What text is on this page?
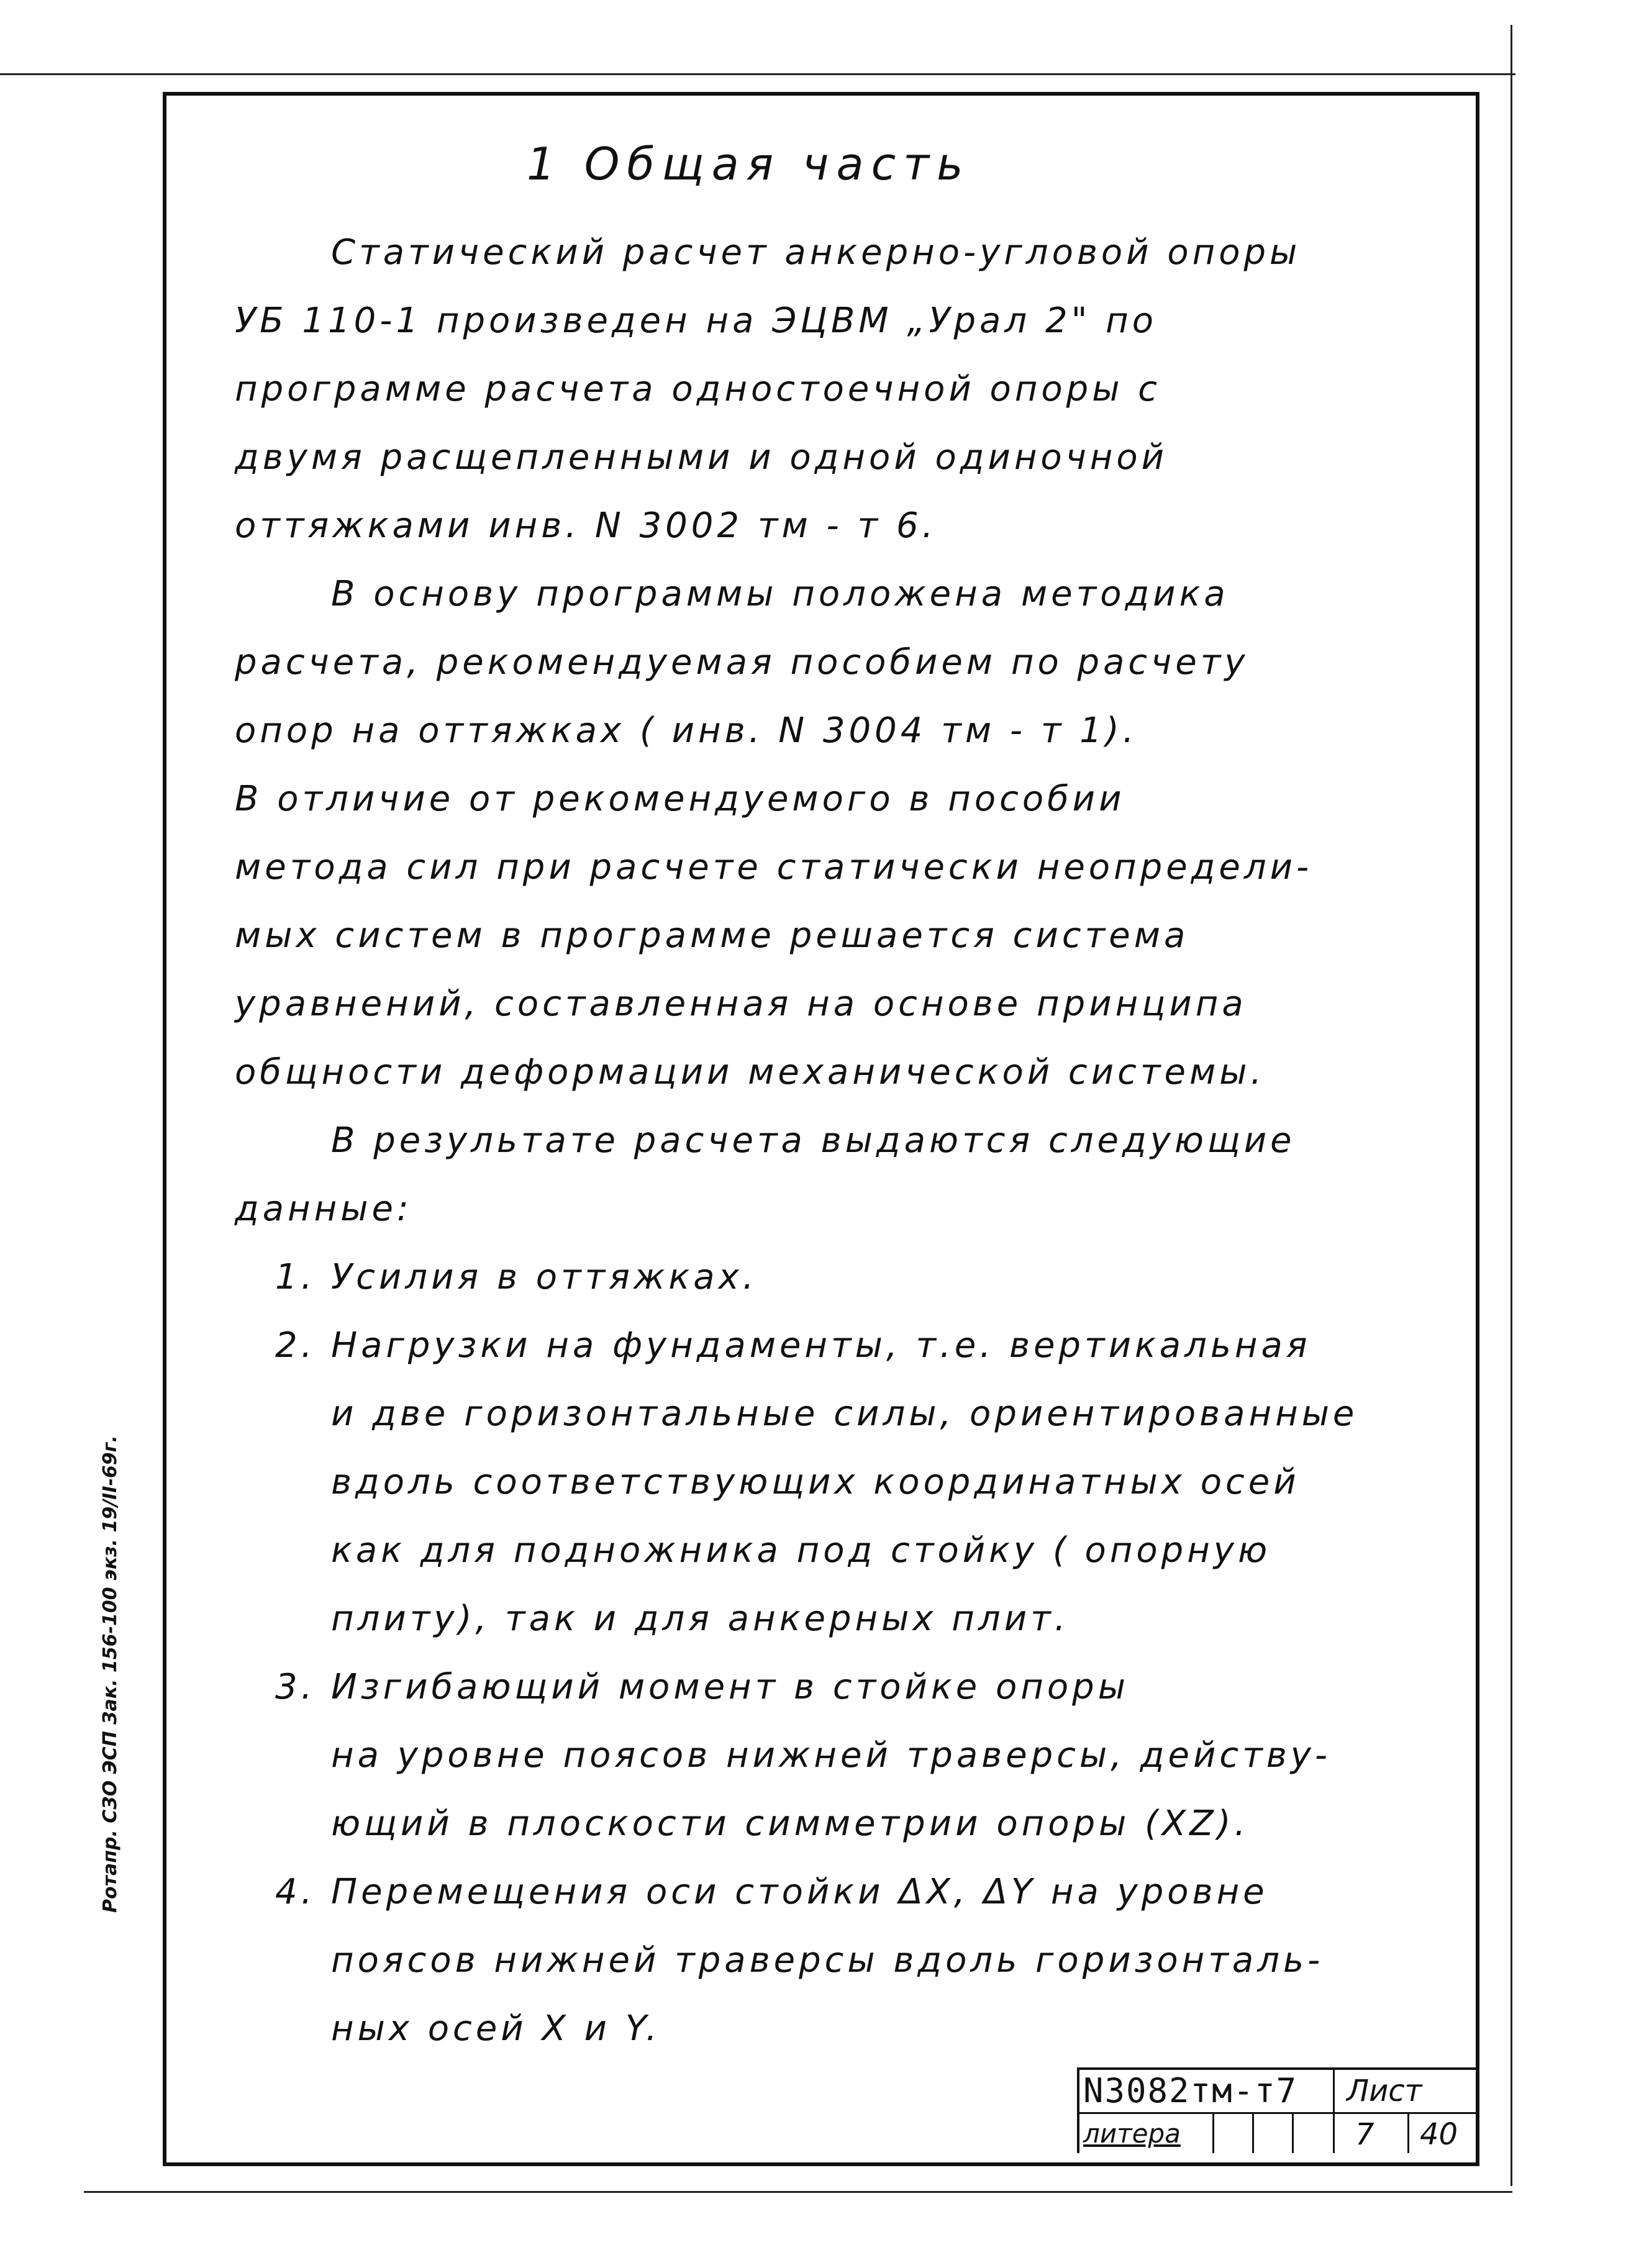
Ротапр. СЗО ЭСП Зак. 156-100 экз. 19/II-69г.
1 Общая часть
Статический расчет анкерно-угловой опоры
УБ 110-1 произведен на ЭЦВМ „Урал 2" по
программе расчета одностоечной опоры с
двумя расщепленными и одной одиночной
оттяжками инв. N 3002 тм - т 6.
В основу программы положена методика
расчета, рекомендуемая пособием по расчету
опор на оттяжках ( инв. N 3004 тм - т 1).
В отличие от рекомендуемого в пособии
метода сил при расчете статически неопредели-
мых систем в программе решается система
уравнений, составленная на основе принципа
общности деформации механической системы.
В результате расчета выдаются следующие
данные:
1. Усилия в оттяжках.
2. Нагрузки на фундаменты, т.е. вертикальная
и две горизонтальные силы, ориентированные
вдоль соответствующих координатных осей
как для подножника под стойку ( опорную
плиту), так и для анкерных плит.
3. Изгибающий момент в стойке опоры
на уровне поясов нижней траверсы, действу-
ющий в плоскости симметрии опоры (XZ).
4. Перемещения оси стойки ΔX, ΔY на уровне
поясов нижней траверсы вдоль горизонталь-
ных осей X и Y.
N3082тм-т7	Лист
литера	7 40
